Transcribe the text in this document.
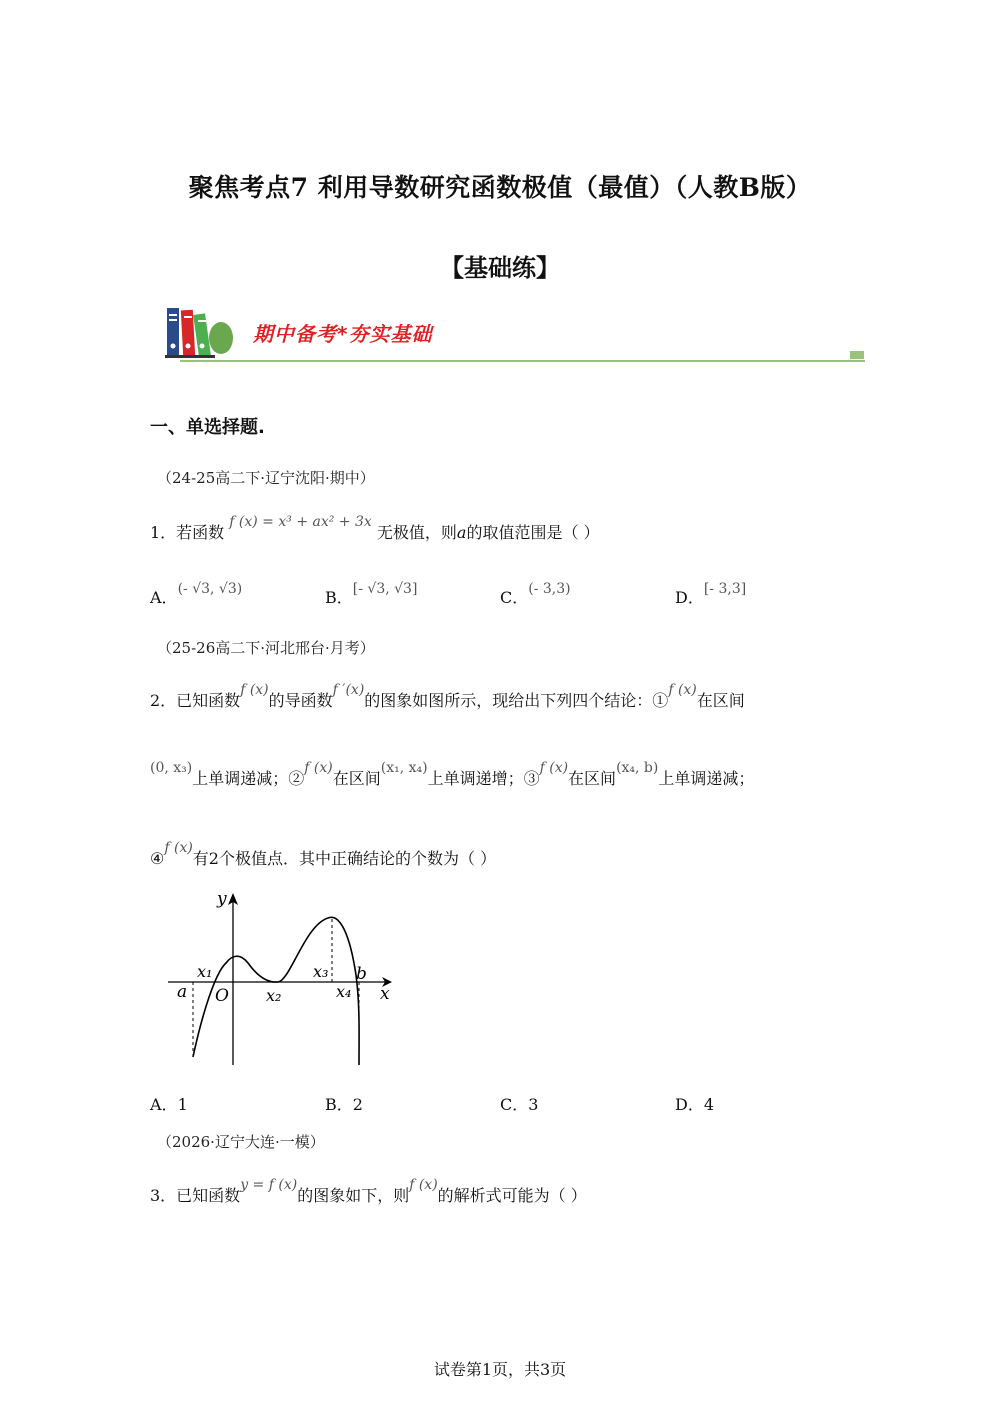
聚焦考点7 利用导数研究函数极值（最值）（人教B版）
【基础练】
期中备考*夯实基础
一、单选择题.
（24-25高二下·辽宁沈阳·期中）
1．若函数 f (x) = x³ + ax² + 3x 无极值，则a的取值范围是（ ）
A．(- √3, √3)	B．[- √3, √3]	C．(- 3,3)	D．[- 3,3]
（25-26高二下·河北邢台·月考）
2．已知函数f (x)的导函数f ′(x)的图象如图所示，现给出下列四个结论：①f (x)在区间
(0, x₃)上单调递减；②f (x)在区间(x₁, x₄)上单调递增；③f (x)在区间(x₄, b)上单调递减；
④f (x)有2个极值点．其中正确结论的个数为（ ）
y
x
a O
b
x₁
x₂
x₃
x₄
A．1	B．2	C．3	D．4
（2026·辽宁大连·一模）
3．已知函数y = f (x)的图象如下，则f (x)的解析式可能为（ ）
试卷第1页，共3页
